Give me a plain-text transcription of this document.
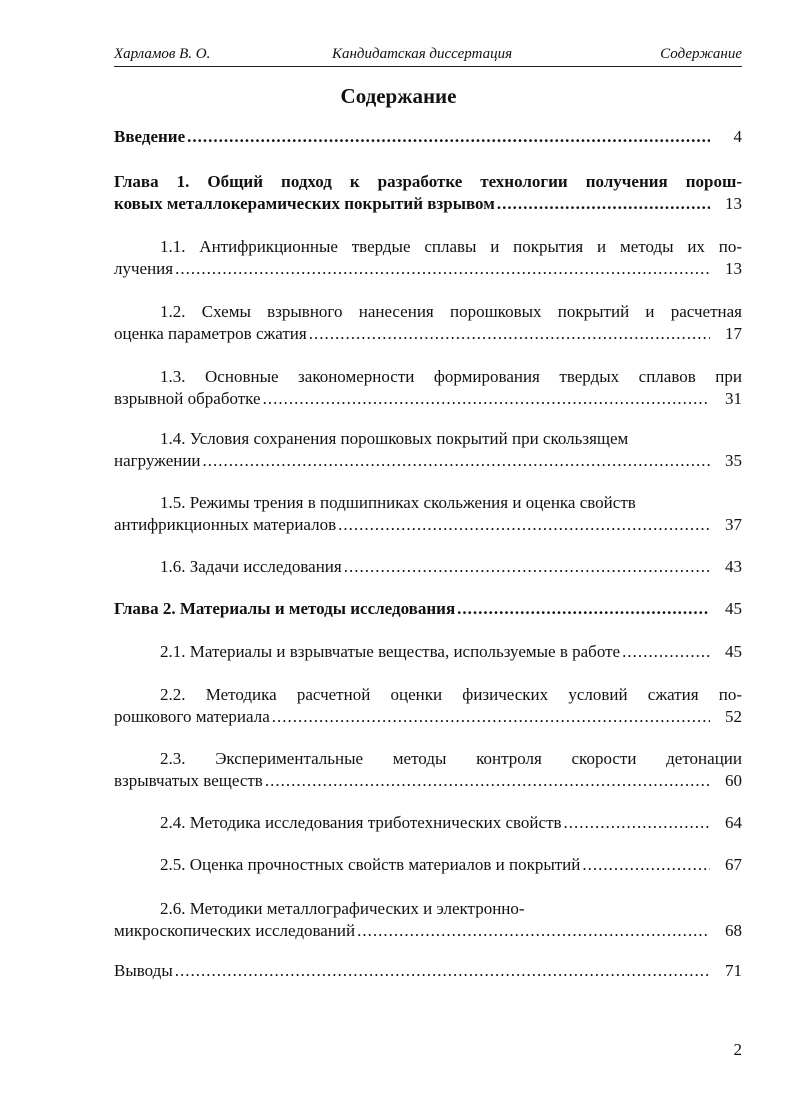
Харламов В. О.	Кандидатская диссертация	Содержание
Содержание
Введение .....	4
Глава 1. Общий подход к разработке технологии получения порош-
ковых металлокерамических покрытий взрывом .....	13
1.1. Антифрикционные твердые сплавы и покрытия и методы их по-
лучения .....	13
1.2. Схемы взрывного нанесения порошковых покрытий и расчетная
оценка параметров сжатия .....	17
1.3. Основные закономерности формирования твердых сплавов при
взрывной обработке .....	31
1.4. Условия сохранения порошковых покрытий при скользящем
нагружении .....	35
1.5. Режимы трения в подшипниках скольжения и оценка свойств
антифрикционных материалов .....	37
1.6. Задачи исследования .....	43
Глава 2. Материалы и методы исследования .....	45
2.1. Материалы и взрывчатые вещества, используемые в работе .....	45
2.2. Методика расчетной оценки физических условий сжатия по-
рошкового материала .....	52
2.3. Экспериментальные методы контроля скорости детонации
взрывчатых веществ .....	60
2.4. Методика исследования триботехнических свойств .....	64
2.5. Оценка прочностных свойств материалов и покрытий .....	67
2.6. Методики металлографических и электронно-
микроскопических исследований .....	68
Выводы .....	71
2
